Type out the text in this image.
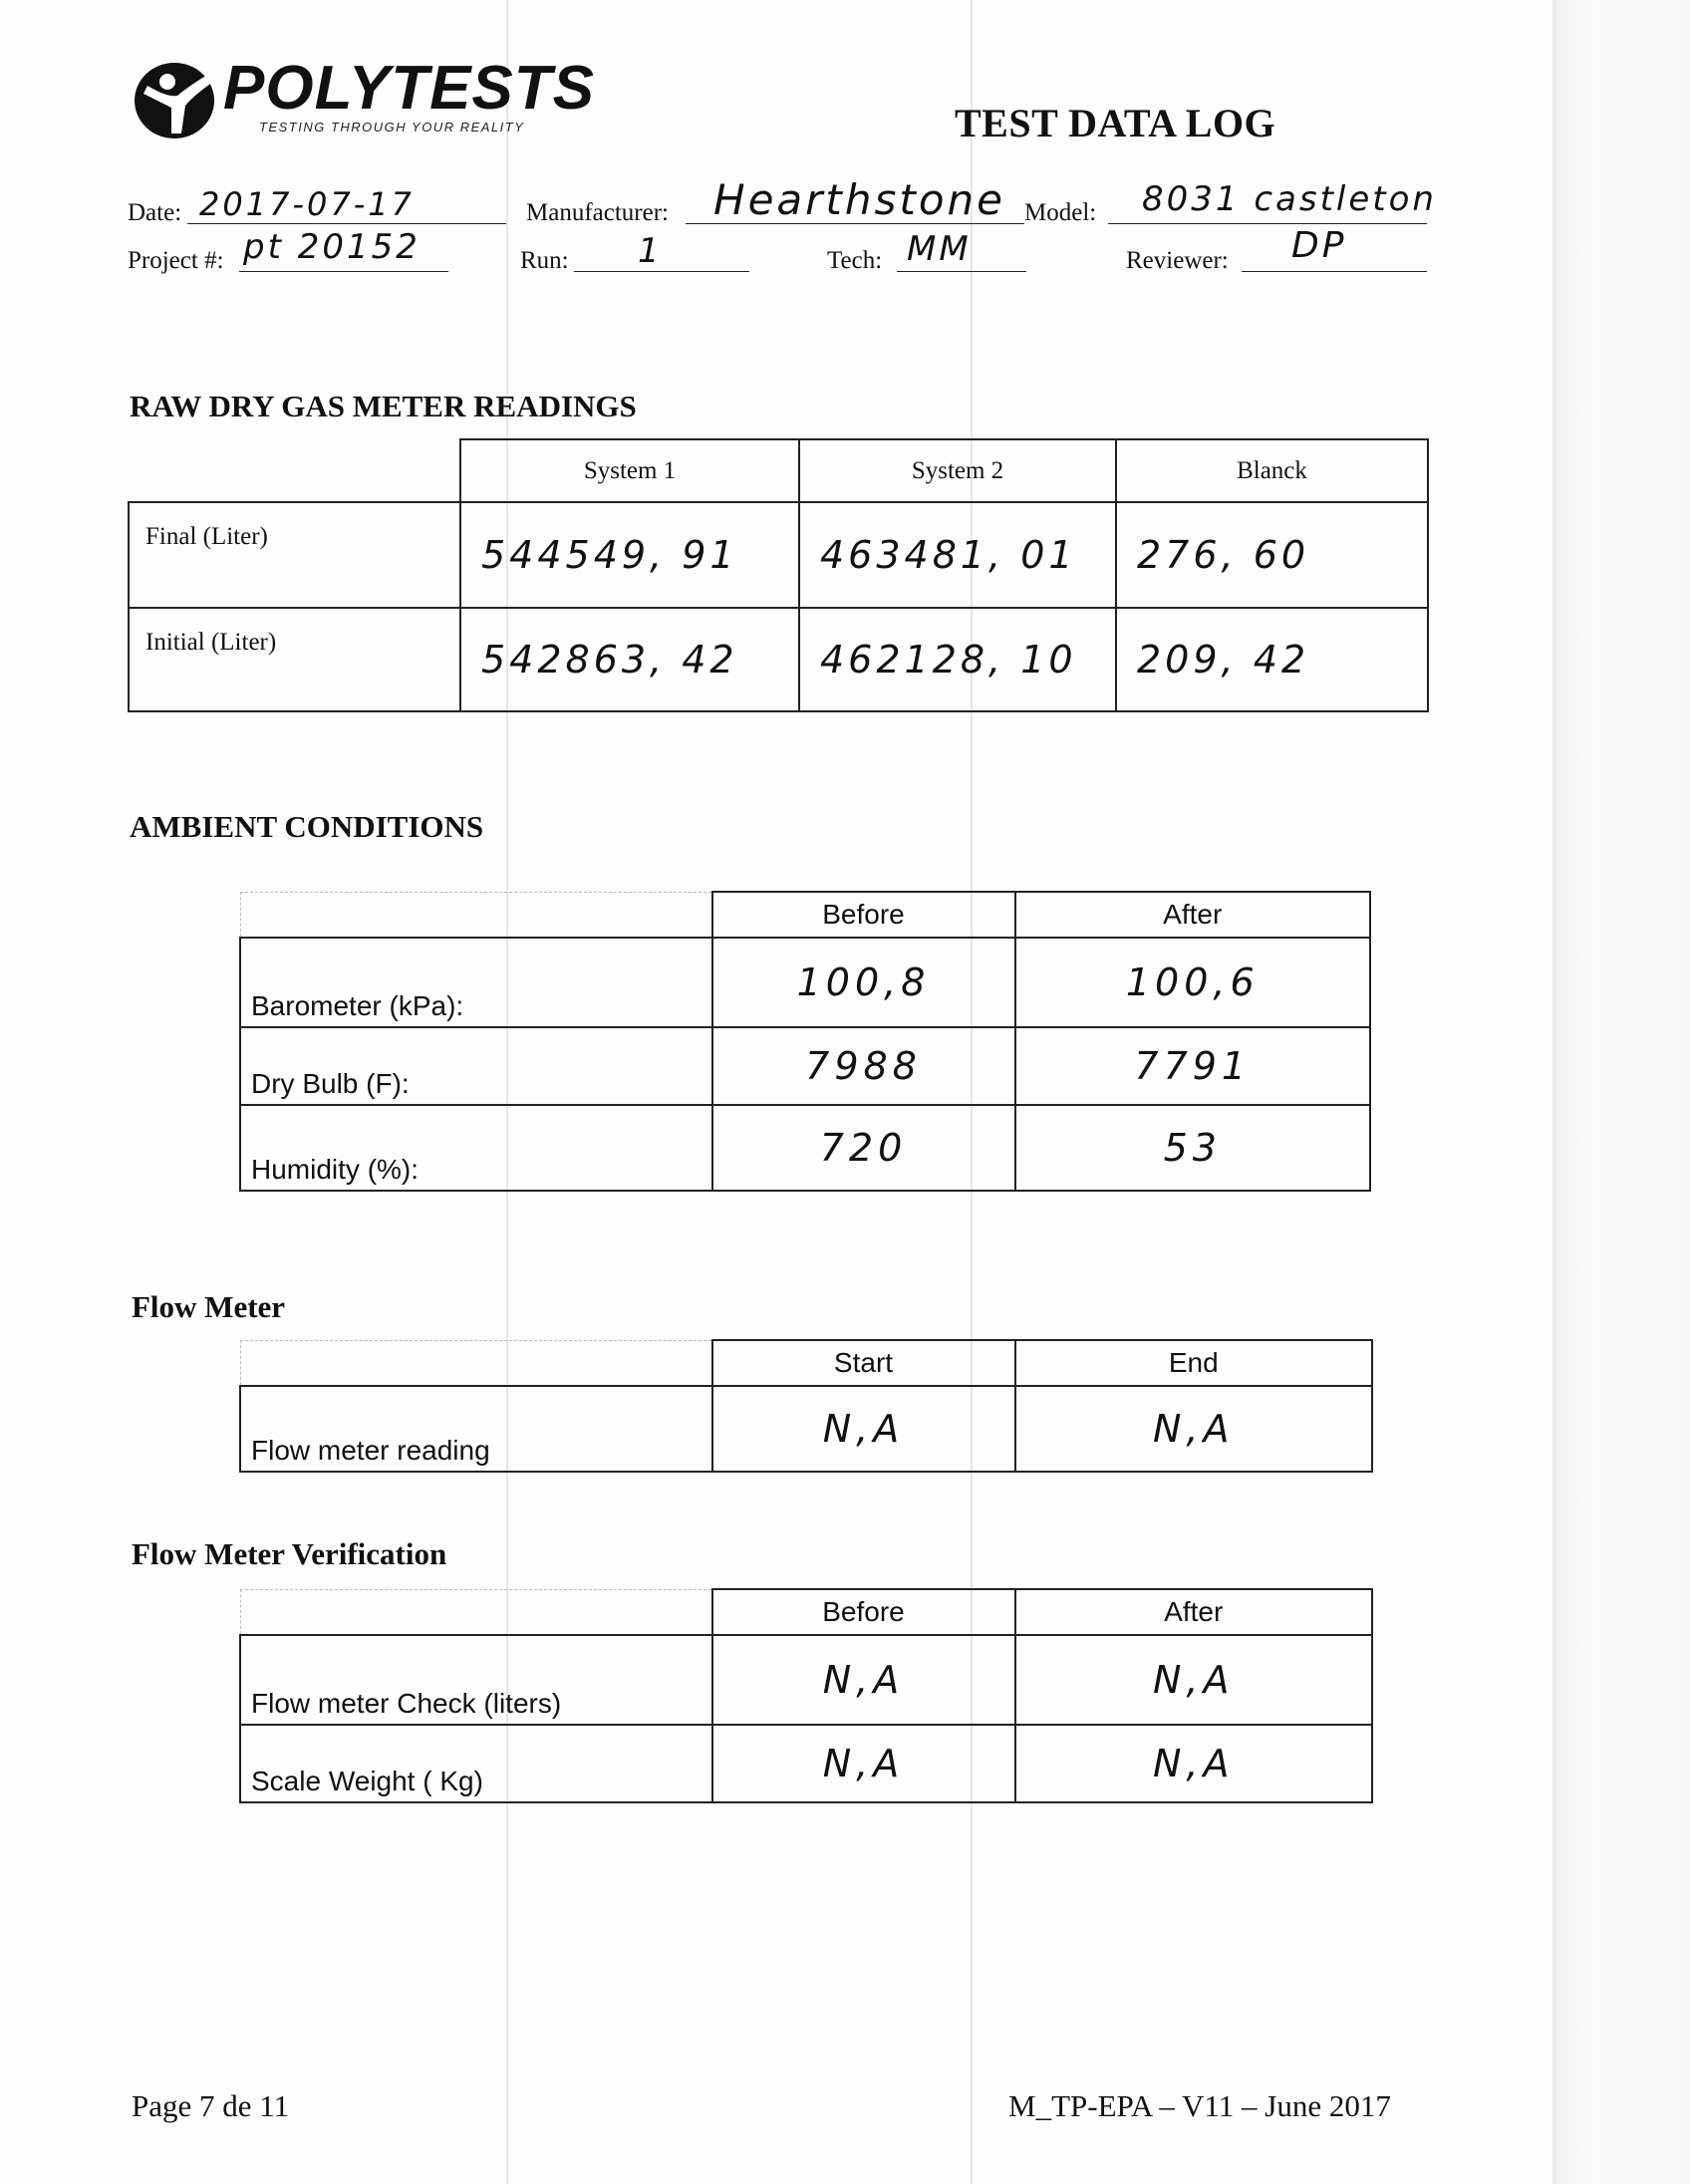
POLYTESTS
TESTING THROUGH YOUR REALITY	TEST DATA LOG
Date: 2017-07-17	Manufacturer: Hearthstone Model: 8031 castleton
Project #: pt 20152	Run: 1	Tech: MM	Reviewer: DP
RAW DRY GAS METER READINGS
	System 1	System 2	Blanck
Final (Liter)	544549, 91	463481, 01	276, 60
Initial (Liter)	542863, 42	462128, 10	209, 42
AMBIENT CONDITIONS
	Before	After
Barometer (kPa):	100,8	100,6
Dry Bulb (F):	7988	7791
Humidity (%):	720	53
Flow Meter
	Start	End
Flow meter reading	N,A	N,A
Flow Meter Verification
	Before	After
Flow meter Check (liters)	N,A	N,A
Scale Weight ( Kg)	N,A	N,A
Page 7 de 11	M_TP-EPA – V11 – June 2017
